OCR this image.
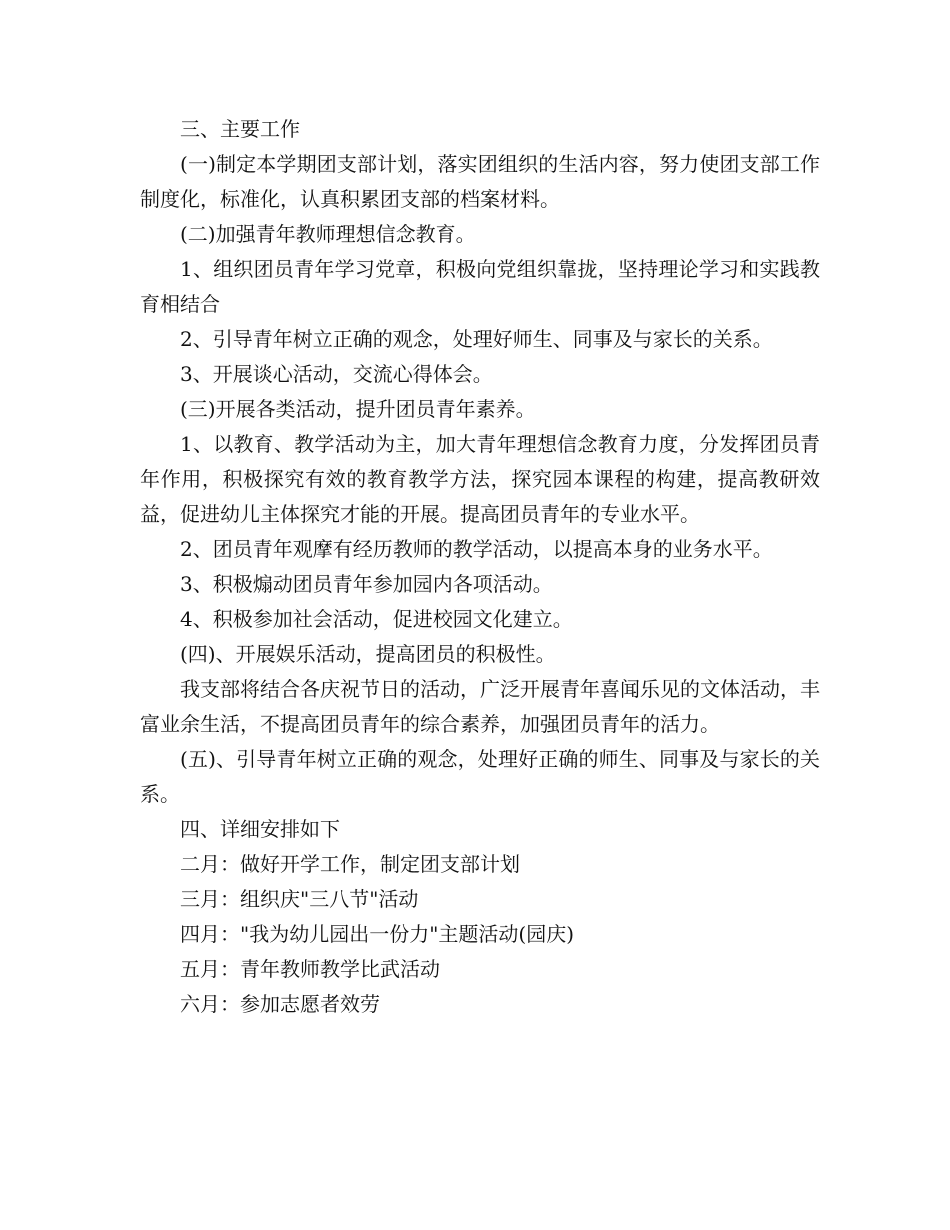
三、主要工作

(一)制定本学期团支部计划，落实团组织的生活内容，努力使团支部工作制度化，标准化，认真积累团支部的档案材料。

(二)加强青年教师理想信念教育。

1、组织团员青年学习党章，积极向党组织靠拢，坚持理论学习和实践教育相结合

2、引导青年树立正确的观念，处理好师生、同事及与家长的关系。

3、开展谈心活动，交流心得体会。

(三)开展各类活动，提升团员青年素养。

1、以教育、教学活动为主，加大青年理想信念教育力度，分发挥团员青年作用，积极探究有效的教育教学方法，探究园本课程的构建，提高教研效益，促进幼儿主体探究才能的开展。提高团员青年的专业水平。

2、团员青年观摩有经历教师的教学活动，以提高本身的业务水平。

3、积极煽动团员青年参加园内各项活动。

4、积极参加社会活动，促进校园文化建立。

(四)、开展娱乐活动，提高团员的积极性。

我支部将结合各庆祝节日的活动，广泛开展青年喜闻乐见的文体活动，丰富业余生活，不提高团员青年的综合素养，加强团员青年的活力。

(五)、引导青年树立正确的观念，处理好正确的师生、同事及与家长的关系。

四、详细安排如下

二月：做好开学工作，制定团支部计划

三月：组织庆"三八节"活动

四月："我为幼儿园出一份力"主题活动(园庆)

五月：青年教师教学比武活动

六月：参加志愿者效劳
